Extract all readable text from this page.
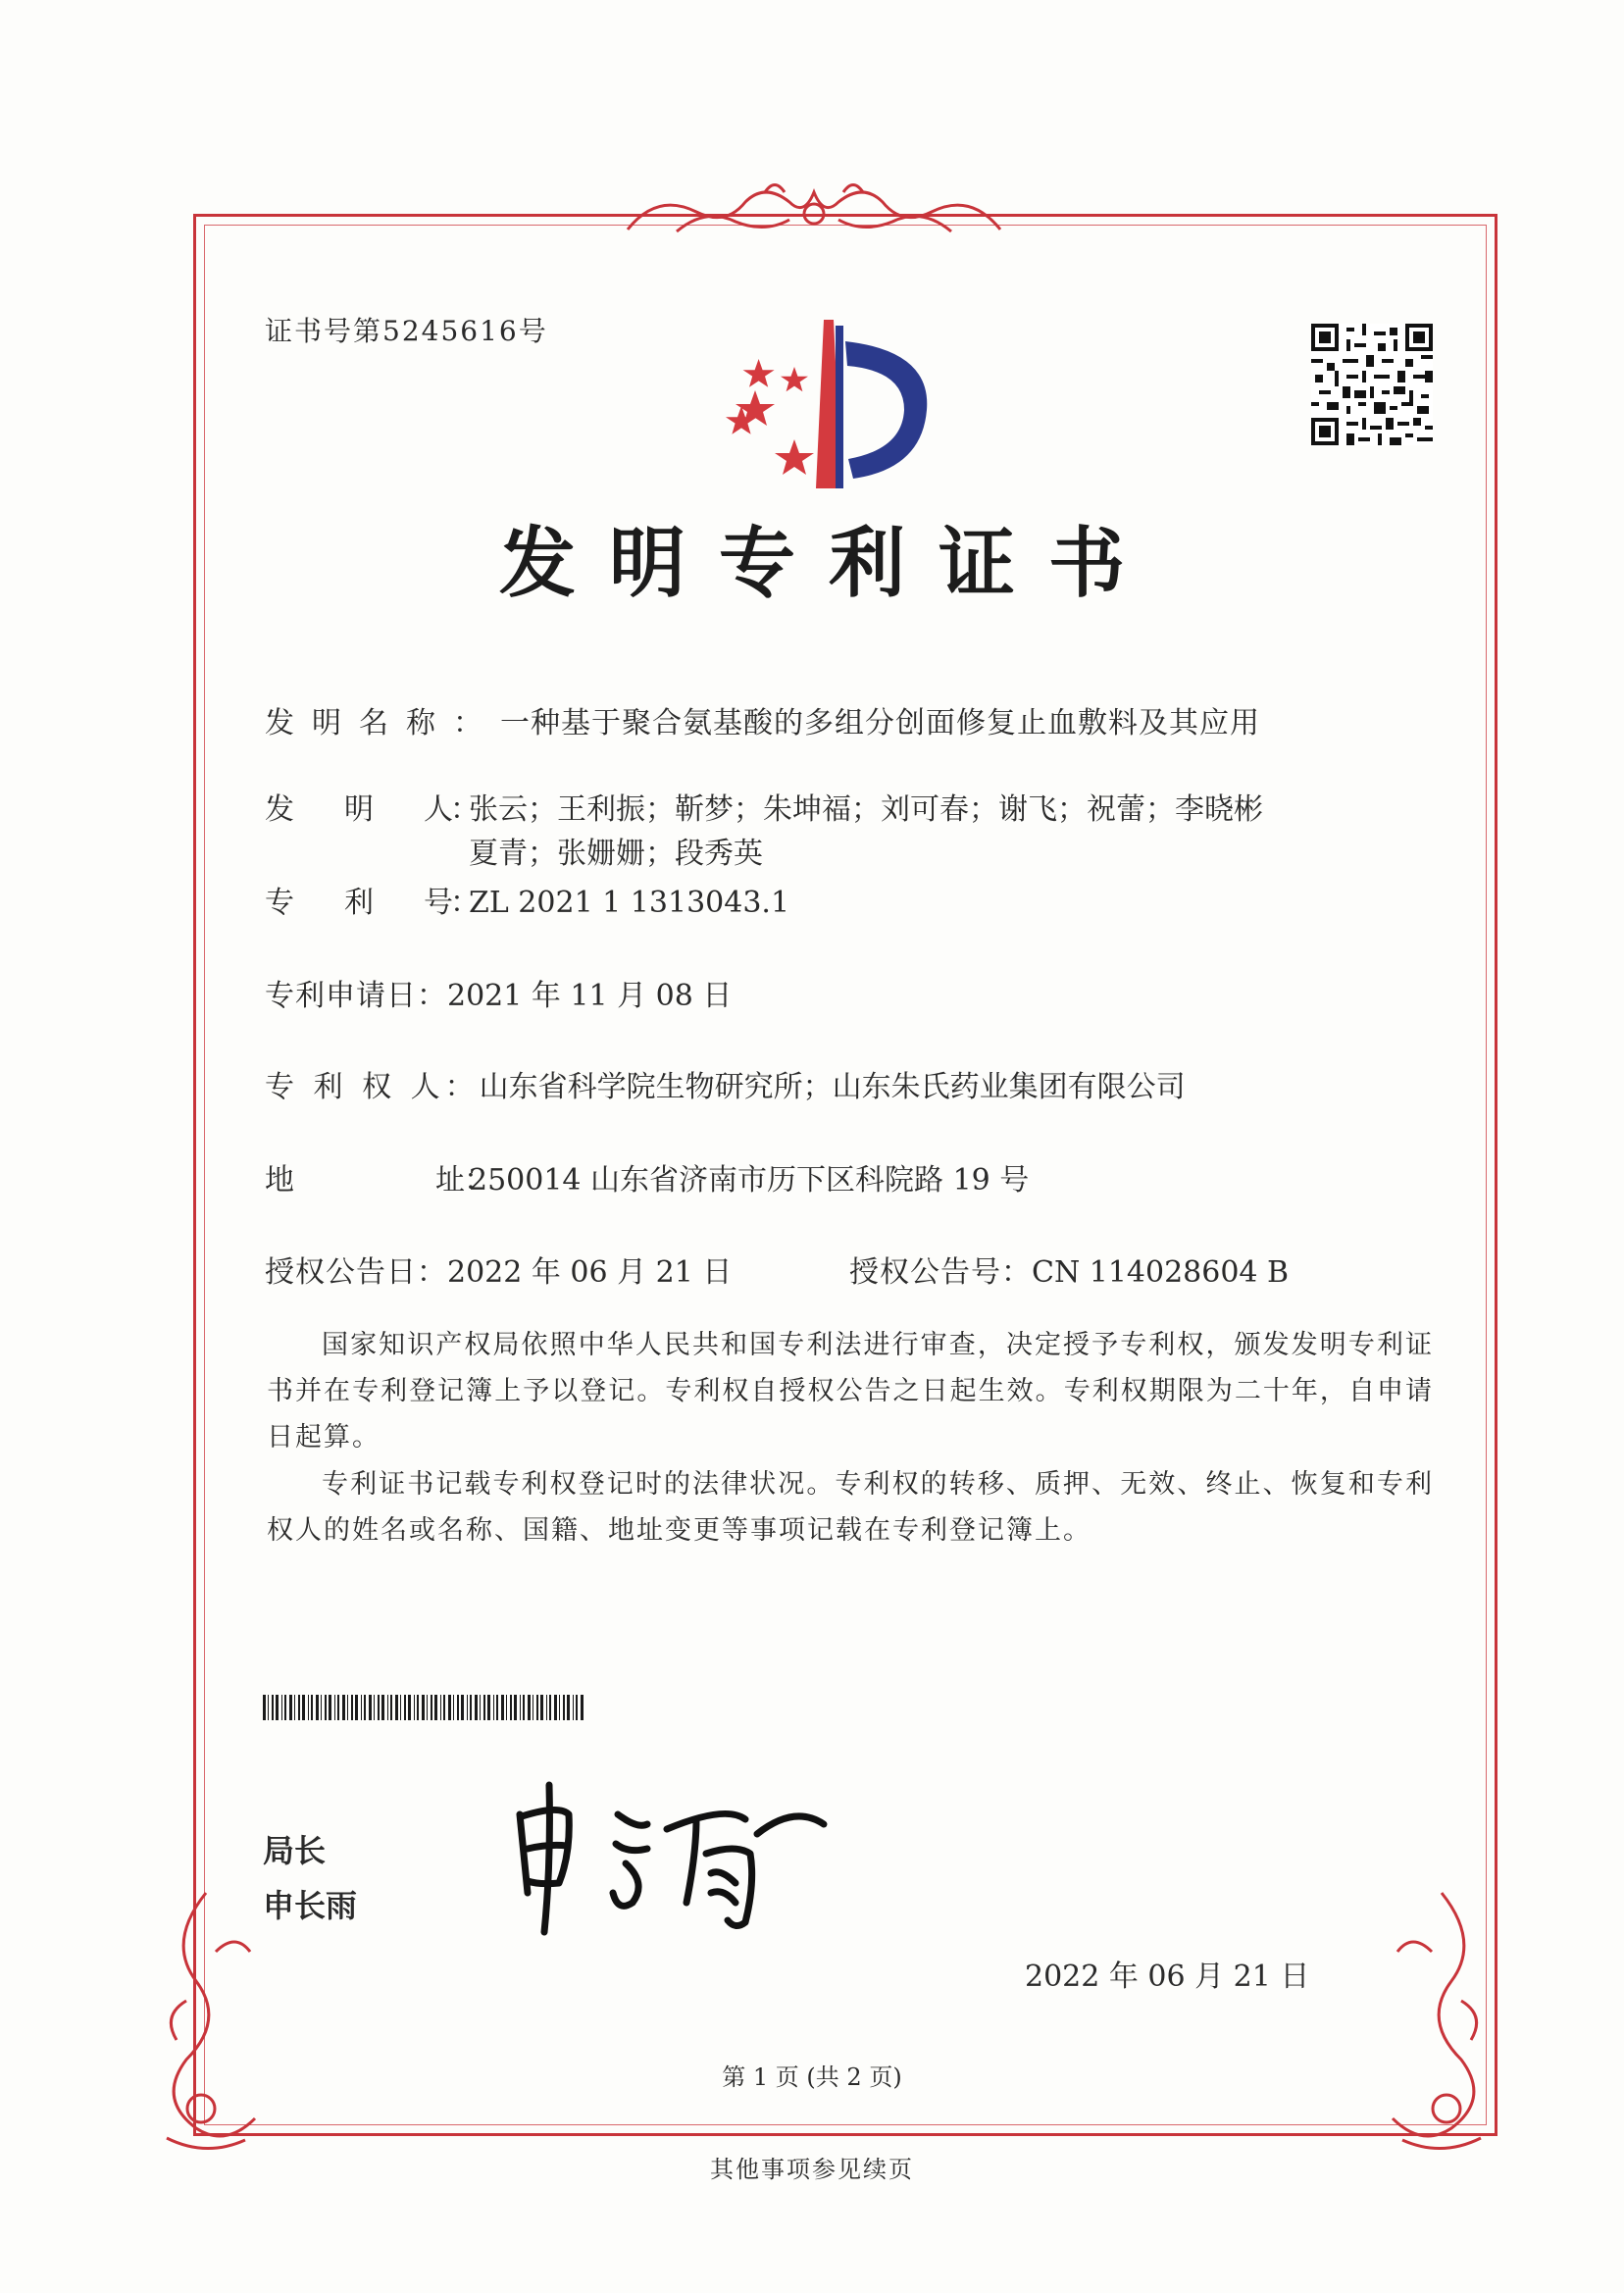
证书号第5245616号
发明专利证书
发明名称：一种基于聚合氨基酸的多组分创面修复止血敷料及其应用
发　　明　　人：张云；王利振；靳梦；朱坤福；刘可春；谢飞；祝蕾；李晓彬
夏青；张姗姗；段秀英
专　　利　　号：ZL 2021 1 1313043.1
专利申请日：2021 年 11 月 08 日
专 利 权 人：山东省科学院生物研究所；山东朱氏药业集团有限公司
地　　　　　址：250014 山东省济南市历下区科院路 19 号
授权公告日：2022 年 06 月 21 日	授权公告号：CN 114028604 B
国家知识产权局依照中华人民共和国专利法进行审查，决定授予专利权，颁发发明专利证书并在专利登记簿上予以登记。专利权自授权公告之日起生效。专利权期限为二十年，自申请日起算。
专利证书记载专利权登记时的法律状况。专利权的转移、质押、无效、终止、恢复和专利权人的姓名或名称、国籍、地址变更等事项记载在专利登记簿上。
局长
申长雨
2022 年 06 月 21 日
第 1 页 (共 2 页)
其他事项参见续页
